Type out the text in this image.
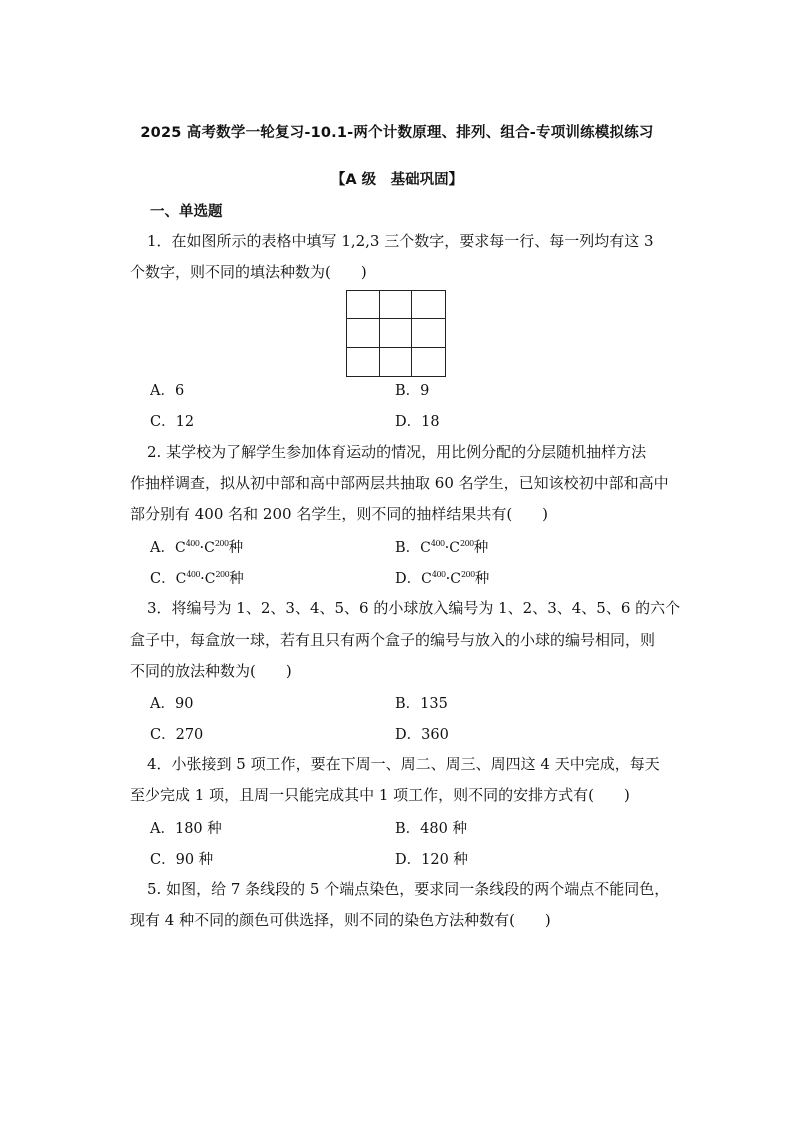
2025 高考数学一轮复习-10.1-两个计数原理、排列、组合-专项训练模拟练习
【A 级　基础巩固】
一、单选题
1．在如图所示的表格中填写 1,2,3 三个数字，要求每一行、每一列均有这 3
个数字，则不同的填法种数为(　　)
A．6	B．9
C．12	D．18
2. 某学校为了解学生参加体育运动的情况，用比例分配的分层随机抽样方法
作抽样调查，拟从初中部和高中部两层共抽取 60 名学生，已知该校初中部和高中
部分别有 400 名和 200 名学生，则不同的抽样结果共有(　　)
A．$C^{400}\cdot C^{200}$种	B．$C^{400}\cdot C^{200}$种
C．$C^{400}\cdot C^{200}$种	D．$C^{400}\cdot C^{200}$种
3．将编号为 1、2、3、4、5、6 的小球放入编号为 1、2、3、4、5、6 的六个
盒子中，每盒放一球，若有且只有两个盒子的编号与放入的小球的编号相同，则
不同的放法种数为(　　)
A．90	B．135
C．270	D．360
4．小张接到 5 项工作，要在下周一、周二、周三、周四这 4 天中完成，每天
至少完成 1 项，且周一只能完成其中 1 项工作，则不同的安排方式有(　　)
A．180 种	B．480 种
C．90 种	D．120 种
5. 如图，给 7 条线段的 5 个端点染色，要求同一条线段的两个端点不能同色，
现有 4 种不同的颜色可供选择，则不同的染色方法种数有(　　)
